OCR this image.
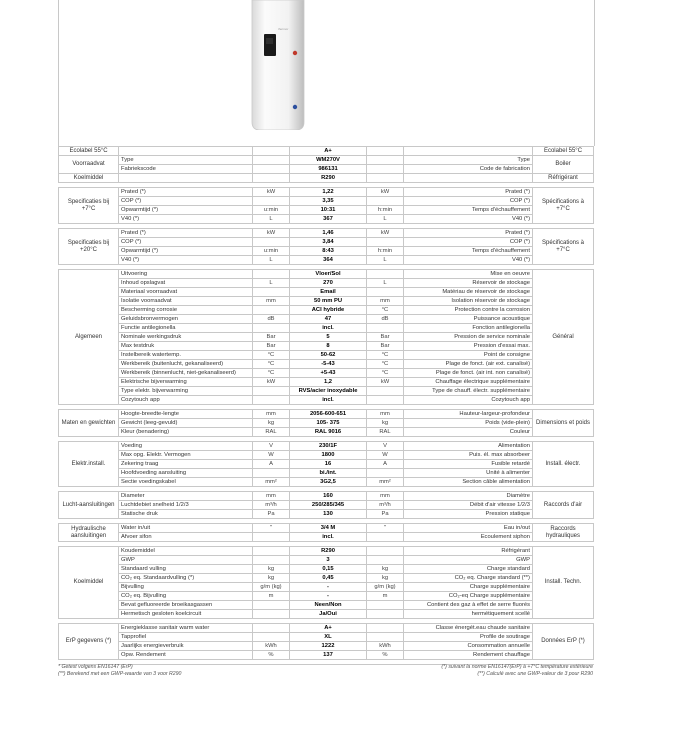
thermor
Ecolabel 55°C			A+			Ecolabel 55°C
Voorraadvat	Type		WM270V		Type	Boiler
	Fabriekscode		986131		Code de fabrication	
Koelmiddel			R290			Réfrigérant

Specificaties bij +7°C	Prated (*)	kW	1,22	kW	Prated (*)	Spécifications à +7°C
	COP (*)		3,35		COP (*)	
	Opwarmtijd (*)	u:min	10:31	h:min	Temps d'échauffement	
	V40 (*)	L	367	L	V40 (*)	

Specificaties bij +20°C	Prated (*)	kW	1,46	kW	Prated (*)	Spécifications à +7°C
	COP (*)		3,84		COP (*)	
	Opwarmtijd (*)	u:min	8:43	h:min	Temps d'échauffement	
	V40 (*)	L	364	L	V40 (*)	

Algemeen	Uitvoering		Vloer/Sol		Mise en oeuvre	Général
	Inhoud opslagvat	L	270	L	Réservoir de stockage	
	Materiaal voorraadvat		Email		Matériau de réservoir de stockage	
	Isolatie voorraadvat	mm	50 mm PU	mm	Isolation réservoir de stockage	
	Bescherming corrosie		ACI hybride	°C	Protection contre la corrosion	
	Geluidsbronvermogen	dB	47	dB	Puissance acoustique	
	Functie antilegionella		incl.		Fonction antilegionella	
	Nominale werkingsdruk	Bar	5	Bar	Pression de service nominale	
	Max testdruk	Bar	8	Bar	Pression d'essai max.	
	Instelbereik watertemp.	°C	50-62	°C	Point de consigne	
	Werkbereik (buitenlucht, gekanaliseerd)	°C	-5-43	°C	Plage de fonct. (air ext. canalisé)	
	Werkbereik (binnenlucht, niet-gekanaliseerd)	°C	+5-43	°C	Plage de fonct. (air int. non canalisé)	
	Elektrische bijverwarming	kW	1,2	kW	Chauffage électrique supplémentaire	
	Type elektr. bijverwarming		RVS/acier inoxydable		Type de chauff. électr. supplémentaire	
	Cozytouch app		incl.		Cozytouch app	

Maten en gewichten	Hoogte-breedte-lengte	mm	2056-600-651	mm	Hauteur-largeur-profondeur	Dimensions et poids
	Gewicht (leeg-gevuld)	kg	105- 375	kg	Poids (vide-plein)	
	Kleur (benadering)	RAL	RAL 9016	RAL	Couleur	

Elektr.install.	Voeding	V	230/1F	V	Alimentation	Install. électr.
	Max opg. Elektr. Vermogen	W	1800	W	Puis. él. max absorbeer	
	Zekering traag	A	16	A	Fusible retardé	
	Hoofdvoeding aansluiting		bi./int.		Unité à alimenter	
	Sectie voedingskabel	mm²	3G2,5	mm²	Section câble alimentation	

Lucht-aansluitingen	Diameter	mm	160	mm	Diamètre	Raccords d'air
	Luchtdebiet snelheid 1/2/3	m³/h	250/285/345	m³/h	Débit d'air vitesse 1/2/3	
	Statische druk	Pa	130	Pa	Pression statique	

Hydraulische aansluitingen	Water in/uit	"	3/4 M	"	Eau in/out	Raccords hydrauliques
	Afvoer sifon		incl.		Ecoulement siphon	

Koelmiddel	Koudemiddel		R290		Réfrigérant	Install. Techn.
	GWP		3		GWP	
	Standaard vulling	kg	0,15	kg	Charge standard	
	CO₂ eq. Standaardvulling (*)	kg	0,45	kg	CO₂ eq. Charge standard (**)	
	Bijvulling	g/m (kg)	-	g/m (kg)	Charge supplémentaire	
	CO₂ eq. Bijvulling	m	-	m	CO₂-eq Charge supplémentaire	
	Bevat gefluoreerde broeikasgassen		Neen/Non		Contient des gaz à effet de serre fluorés	
	Hermetisch gesloten koelcircuit		Ja/Oui		hermétiquement scellé	

ErP gegevens (*)	Energieklasse sanitair warm water		A+		Classe énergét.eau chaude sanitaire	Données ErP (*)
	Tapprofiel		XL		Profile de soutirage	
	Jaarlijks energieverbruik	kWh	1222	kWh	Consommation annuelle	
	Opw. Rendement	%	137	%	Rendement chauffage	

* Getest volgens EN16147 (ErP)
(**) Berekend met een GWP-waarde van 3 voor R290
(*) suivant la norme EN16147(ErP) à +7°C température extérieure
(**) Calculé avec une GWP-valeur de 3 pour R290
